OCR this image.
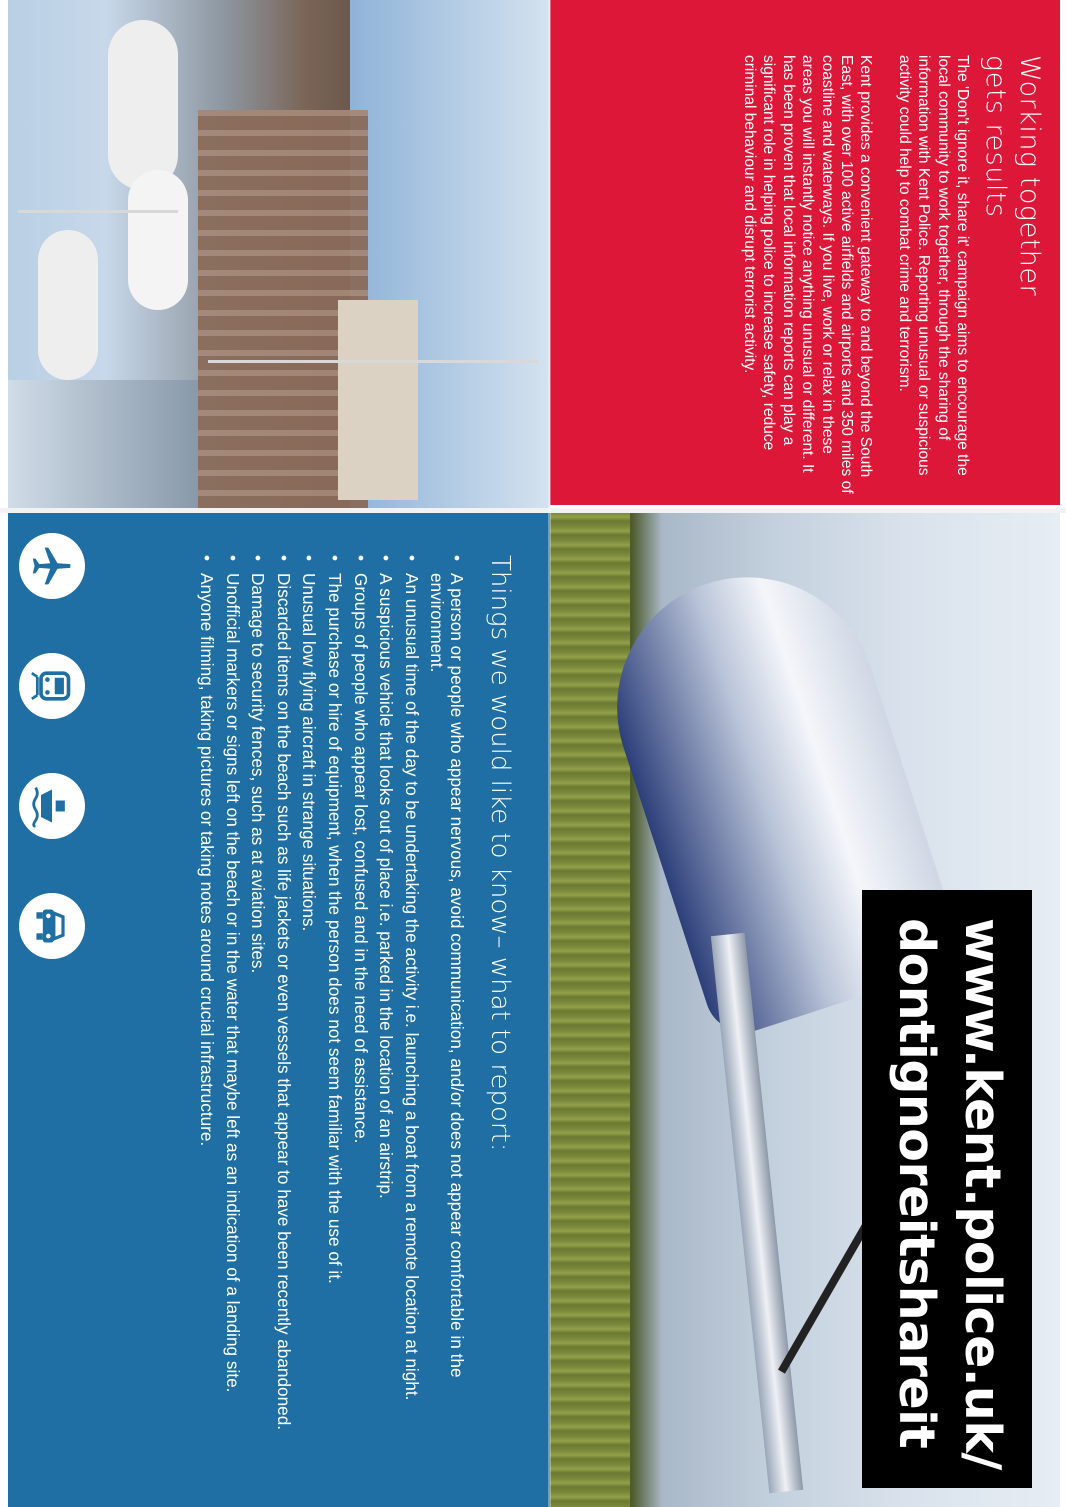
Working together
gets results

The 'Don't ignore it, share it' campaign aims to encourage the local community to work together, through the sharing of information with Kent Police. Reporting unusual or suspicious activity could help to combat crime and terrorism.

Kent provides a convenient gateway to and beyond the South East, with over 100 active airfields and airports and 350 miles of coastline and waterways. If you live, work or relax in these areas you will instantly notice anything unusual or different. It has been proven that local information reports can play a significant role in helping police to increase safety, reduce criminal behaviour and disrupt terrorist activity.

www.kent.police.uk/
dontignoreitshareit
Things we would like to know– what to report:
•
A person or people who appear nervous, avoid communication, and/or does not appear comfortable in the environment.
•
An unusual time of the day to be undertaking the activity i.e. launching a boat from a remote location at night.
•
A suspicious vehicle that looks out of place i.e. parked in the location of an airstrip.
•
Groups of people who appear lost, confused and in the need of assistance.
•
The purchase or hire of equipment, when the person does not seem familiar with the use of it.
•
Unusual low flying aircraft in strange situations.
•
Discarded items on the beach such as life jackets or even vessels that appear to have been recently abandoned.
•
Damage to security fences, such as at aviation sites.
•
Unofficial markers or signs left on the beach or in the water that maybe left as an indication of a landing site.
•
Anyone filming, taking pictures or taking notes around crucial infrastructure.
